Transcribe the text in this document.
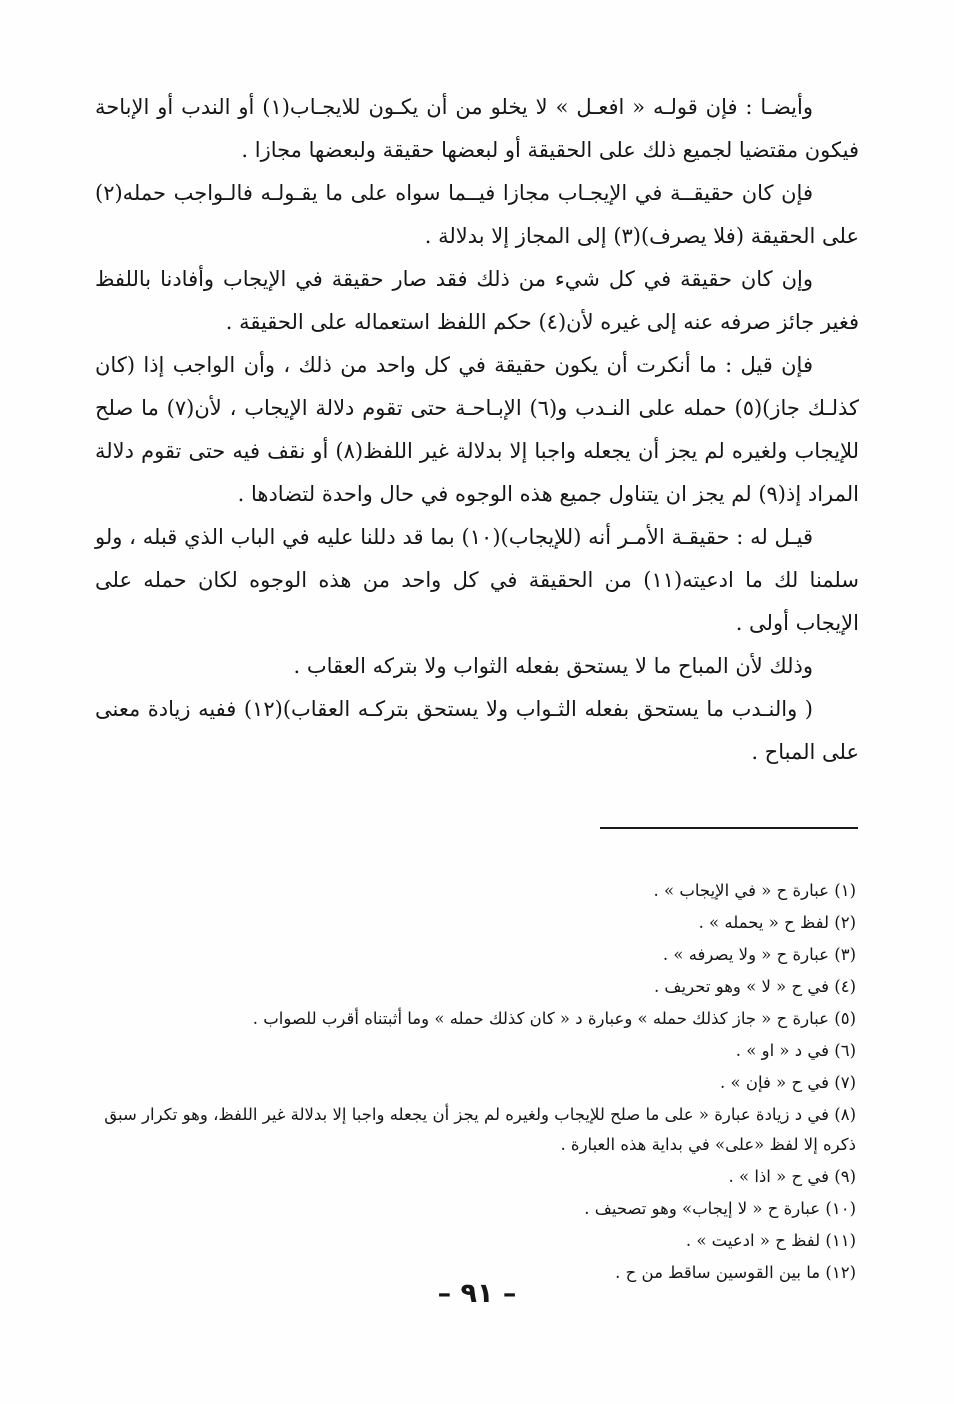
وأيضـا : فإن قولـه « افعـل » لا يخلو من أن يكـون للايجـاب(١) أو الندب أو الإباحة فيكون مقتضيا لجميع ذلك على الحقيقة أو لبعضها حقيقة ولبعضها مجازا .

فإن كان حقيقــة في الإيجـاب مجازا فيــما سواه على ما يقـولـه فالـواجب حمله(٢) على الحقيقة (فلا يصرف)(٣) إلى المجاز إلا بدلالة .

وإن كان حقيقة في كل شيء من ذلك فقد صار حقيقة في الإيجاب وأفادنا باللفظ فغير جائز صرفه عنه إلى غيره لأن(٤) حكم اللفظ استعماله على الحقيقة .

فإن قيل : ما أنكرت أن يكون حقيقة في كل واحد من ذلك ، وأن الواجب إذا (كان كذلـك جاز)(٥) حمله على النـدب و(٦) الإبـاحـة حتى تقوم دلالة الإيجاب ، لأن(٧) ما صلح للإيجاب ولغيره لم يجز أن يجعله واجبا إلا بدلالة غير اللفظ(٨) أو نقف فيه حتى تقوم دلالة المراد إذ(٩) لم يجز ان يتناول جميع هذه الوجوه في حال واحدة لتضادها .

قيـل له : حقيقـة الأمـر أنه (للإيجاب)(١٠) بما قد دللنا عليه في الباب الذي قبله ، ولو سلمنا لك ما ادعيته(١١) من الحقيقة في كل واحد من هذه الوجوه لكان حمله على الإيجاب أولى .

وذلك لأن المباح ما لا يستحق بفعله الثواب ولا بتركه العقاب .

( والنـدب ما يستحق بفعله الثـواب ولا يستحق بتركـه العقاب)(١٢) ففيه زيادة معنى على المباح .

(١) عبارة ح « في الإيجاب » .
(٢) لفظ ح « يحمله » .
(٣) عبارة ح « ولا يصرفه » .
(٤) في ح « لا » وهو تحريف .
(٥) عبارة ح « جاز كذلك حمله » وعبارة د « كان كذلك حمله » وما أثبتناه أقرب للصواب .
(٦) في د « او » .
(٧) في ح « فإن » .
(٨) في د زيادة عبارة « على ما صلح للإيجاب ولغيره لم يجز أن يجعله واجبا إلا بدلالة غير اللفظ، وهو تكرار سبق ذكره إلا لفظ «على» في بداية هذه العبارة .
(٩) في ح « اذا » .
(١٠) عبارة ح « لا إيجاب» وهو تصحيف .
(١١) لفظ ح « ادعيت » .
(١٢) ما بين القوسين ساقط من ح .
– ٩١ –
